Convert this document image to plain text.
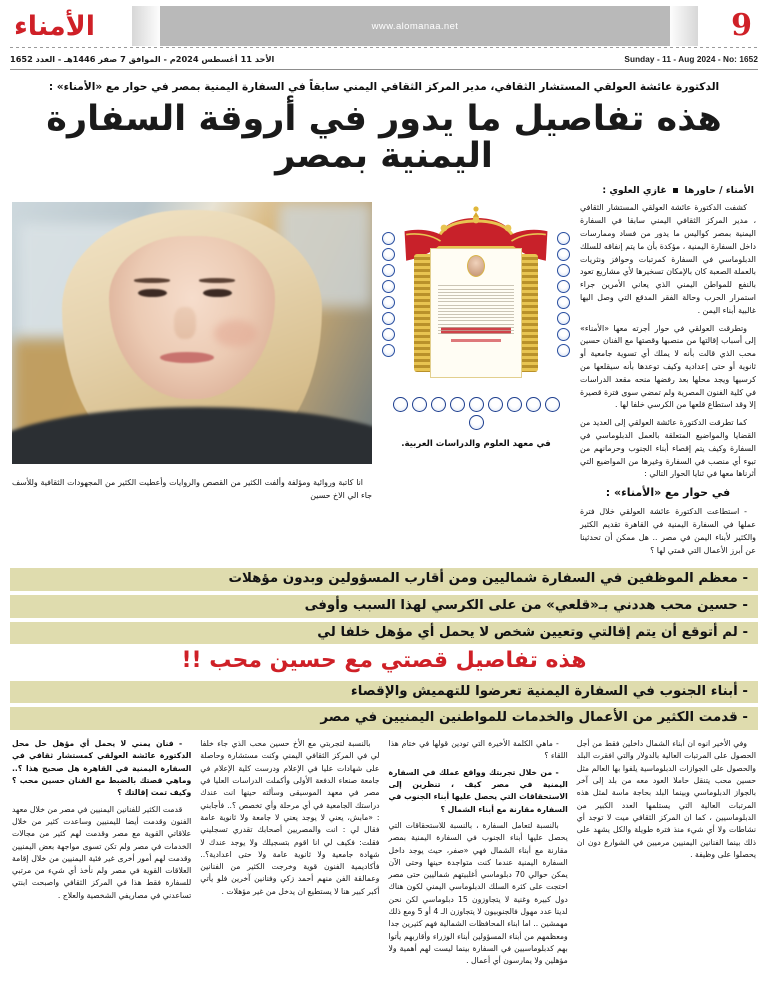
9
www.alomanaa.net
الأمناء
Sunday - 11 - Aug 2024 - No: 1652
الأحد 11 أغسطس 2024م - الموافق 7 صفر 1446هـ - العدد 1652
الدكتورة عائشة العولقي المستشار الثقافي، مدير المركز الثقافي اليمني سابقاً في السفارة اليمنية بمصر في حوار مع «الأمناء» :
هذه تفاصيل ما يدور في أروقة السفارة اليمنية بمصر
الأمناء / حاورها  غازي العلوي :

كشفت الدكتورة عائشة العولقي المستشار الثقافي ، مدير المركز الثقافي اليمني سابقا في السفارة اليمنية بمصر كواليس ما يدور من فساد وممارسات داخل السفارة اليمنية ، مؤكدة بأن ما يتم إنفاقه للسلك الدبلوماسي في السفارة كمرتبات وحوافز ونثريات بالعملة الصعبة كان بالإمكان تسخيرها لأي مشاريع تعود بالنفع للمواطن اليمني الذي يعاني الأمرين جراء استمرار الحرب وحالة الفقر المدقع التي وصل اليها غالبية أبناء اليمن .

وتطرقت العولقي في حوار أجرته معها «الأمناء» إلى أسباب إقالتها من منصبها وقصتها مع الفنان حسين محب الذي قالت بأنه لا يملك أي تسوية جامعية أو ثانوية أو حتى إعدادية وكيف توعدها بأنه سيقلعها من كرسيها ويجد محلها بعد رفضها منحه مقعد الدراسات في كلية الفنون المصرية ولم تمضي سوى فترة قصيرة إلا وقد استطاع قلعها من الكرسي خلفا لها .

كما تطرقت الدكتورة عائشة العولقي إلى العديد من القضايا والمواضيع المتعلقة بالعمل الدبلوماسي في السفارة وكيف يتم إقصاء أبناء الجنوب وحرمانهم من تبوء أي منصب في السفارة وغيرها من المواضيع التي أثرناها معها في ثنايا الحوار التالي :

في معهد العلوم والدراسات العربية.

في حوار مع «الأمناء» :

- استطاعت الدكتورة عائشة العولقي خلال فترة عملها في السفارة اليمنية في القاهرة تقديم الكثير والكثير لأبناء اليمن في مصر .. هل ممكن أن تحدثينا عن أبرز الأعمال التي قمتي لها ؟

انا كاتبة وروائية ومؤلفة وألفت الكثير من القصص والروايات وأعطيت الكثير من المجهودات الثقافية وللأسف جاء الي الاخ حسين

- معظم الموظفين في السفارة شماليين ومن أقارب المسؤولين وبدون مؤهلات
- حسين محب هددني بـ«قلعي» من على الكرسي لهذا السبب وأوفى
- لم أتوقع أن يتم إقالتي وتعيين شخص لا يحمل أي مؤهل خلفا لي
هذه تفاصيل قصتي مع حسين محب !!
- أبناء الجنوب في السفارة اليمنية تعرضوا للتهميش والإقصاء
- قدمت الكثير من الأعمال والخدمات للمواطنين اليمنيين في مصر

وفي الأخير انوه ان أبناء الشمال داخلين فقط من أجل الحصول على المرتبات العالية بالدولار والتي افقرت البلد والحصول على الجوازات الدبلوماسية يلفوا بها العالم مثل حسين محب يتنقل حاملا العود معه من بلد إلى آخر بالجواز الدبلوماسي وبينما البلد بحاجة ماسة لمثل هذه المرتبات العالية التي يستلمها العدد الكبير من الدبلوماسيين ، كما ان المركز الثقافي ميت لا توجد أي نشاطات ولا أي شيء منذ فترة طويلة والكل يشهد على ذلك بينما الفنانين اليمنيين مرميين في الشوارع دون ان يحصلوا على وظيفة .

- ماهي الكلمة الأخيرة التي تودين قولها في ختام هذا اللقاء ؟

- من خلال تجربتك وواقع عملك في السفارة اليمنية في مصر كيف ، تنظرين إلى الاستحقاقات التي يحصل عليها أبناء الجنوب في السفارة مقارنة مع أبناء الشمال ؟

بالنسبة لتعامل السفارة ، بالنسبة للاستحقاقات التي يحصل عليها أبناء الجنوب في السفارة اليمنية بمصر مقارنة مع أبناء الشمال فهي «صفر، حيث يوجد داخل السفارة اليمنية عندما كنت متواجدة حينها وحتى الآن يمكن حوالي 70 دبلوماسي أغلبيتهم شماليين حتى مصر احتجت على كثرة السلك الدبلوماسي اليمني لكون هناك دول كبيرة وغنية لا يتجاوزون 15 دبلوماسي لكن نحن لدينا عدد مهول فالجنوبيون لا يتجاوزن الـ 4 أو 5 ومع ذلك مهمشين .. اما ابناء المحافظات الشمالية فهم كثيرين جدا ومعظمهم من أبناء المسؤولين أبناء الوزراء وأقاربهم يأتوا بهم كدبلوماسيين في السفارة بينما ليست لهم أهمية ولا مؤهلين ولا يمارسون أي أعمال .

بالنسبة لتجربتي مع الأخ حسين محب الذي جاء خلفا لي في المركز الثقافي اليمني وكنت مستشارة وحاصلة على شهادات عليا في الإعلام ودرست كلية الإعلام في جامعة صنعاء الدفعة الأولى وأكملت الدراسات العليا في مصر في معهد الموسيقى وسألته حينها انت عندك دراستك الجامعية في أي مرحلة وأي تخصص ؟.. فأجابني : «مابش، يعني لا يوجد يعني لا جامعة ولا ثانوية عامة فقال لي : انت والمصريين أصحابك تقدري تسجليني فقلت: فكيف لي انا اقوم بتسجيلك ولا يوجد عندك لا شهادة جامعية ولا ثانوية عامة ولا حتى اعدادية؟.. فأكاديمية الفنون قوية وخرجت الكثير من الفنانين وعمالقة الفن منهم أحمد زكي وفنانين آخرين فلو يأتي أكبر كبير هنا لا يستطيع ان يدخل من غير مؤهلات .

- فنان يمني لا يحمل أي مؤهل حل محل الدكتورة عائشة العولقي كمستشار ثقافي في السفارة اليمنية في القاهرة هل صحيح هذا ؟.. وماهي قصتك بالضبط مع الفنان حسين محب ؟ وكيف تمت إقالتك ؟

قدمت الكثير للفنانين اليمنيين في مصر من خلال معهد الفنون وقدمت أيضا لليمنيين وساعدت كثير من خلال علاقاتي القوية مع مصر وقدمت لهم كثير من مجالات الخدمات في مصر ولم تكن تسوى مواجهة بعض اليمنيين وقدمت لهم أمور أخرى غير فئية اليمنيين من خلال إقامة العلاقات القوية في مصر ولم نأخذ أي شيء من مرتبي للسفارة فقط هذا في المركز الثقافي واصبحت ابنتي تساعدني في مصاريفي الشخصية والعلاج .
